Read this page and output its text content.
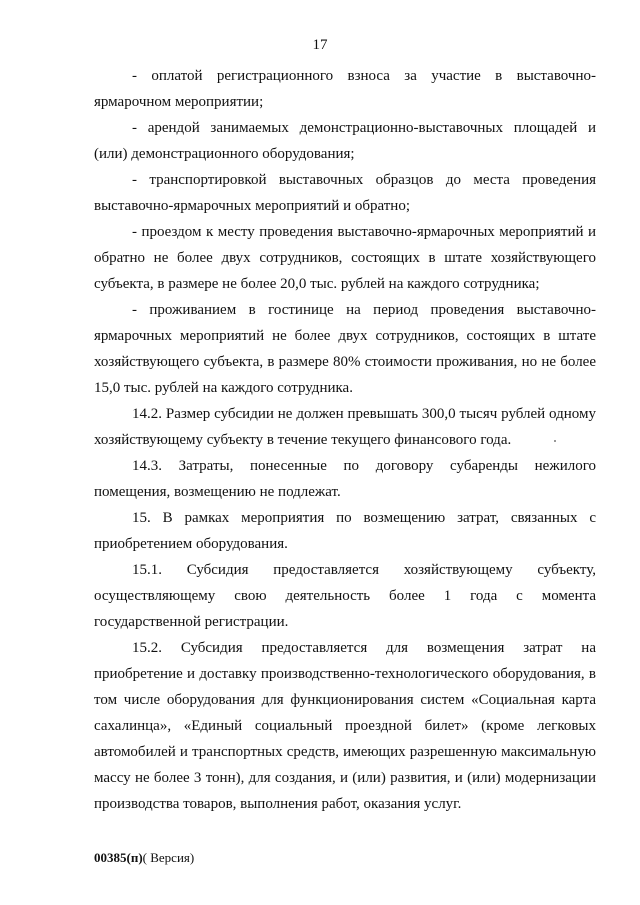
17

- оплатой регистрационного взноса за участие в выставочно-ярмарочном мероприятии;

- арендой занимаемых демонстрационно-выставочных площадей и (или) демонстрационного оборудования;

- транспортировкой выставочных образцов до места проведения выставочно-ярмарочных мероприятий и обратно;

- проездом к месту проведения выставочно-ярмарочных мероприятий и обратно не более двух сотрудников, состоящих в штате хозяйствующего субъекта, в размере не более 20,0 тыс. рублей на каждого сотрудника;

- проживанием в гостинице на период проведения выставочно-ярмарочных мероприятий не более двух сотрудников, состоящих в штате хозяйствующего субъекта, в размере 80% стоимости проживания, но не более 15,0 тыс. рублей на каждого сотрудника.

14.2. Размер субсидии не должен превышать 300,0 тысяч рублей одному хозяйствующему субъекту в течение текущего финансового года.

14.3. Затраты, понесенные по договору субаренды нежилого помещения, возмещению не подлежат.

15. В рамках мероприятия по возмещению затрат, связанных с приобретением оборудования.

15.1. Субсидия предоставляется хозяйствующему субъекту, осуществляющему свою деятельность более 1 года с момента государственной регистрации.

15.2. Субсидия предоставляется для возмещения затрат на приобретение и доставку производственно-технологического оборудования, в том числе оборудования для функционирования систем «Социальная карта сахалинца», «Единый социальный проездной билет» (кроме легковых автомобилей и транспортных средств, имеющих разрешенную максимальную массу не более 3 тонн), для создания, и (или) развития, и (или) модернизации производства товаров, выполнения работ, оказания услуг.

00385(п)( Версия)
